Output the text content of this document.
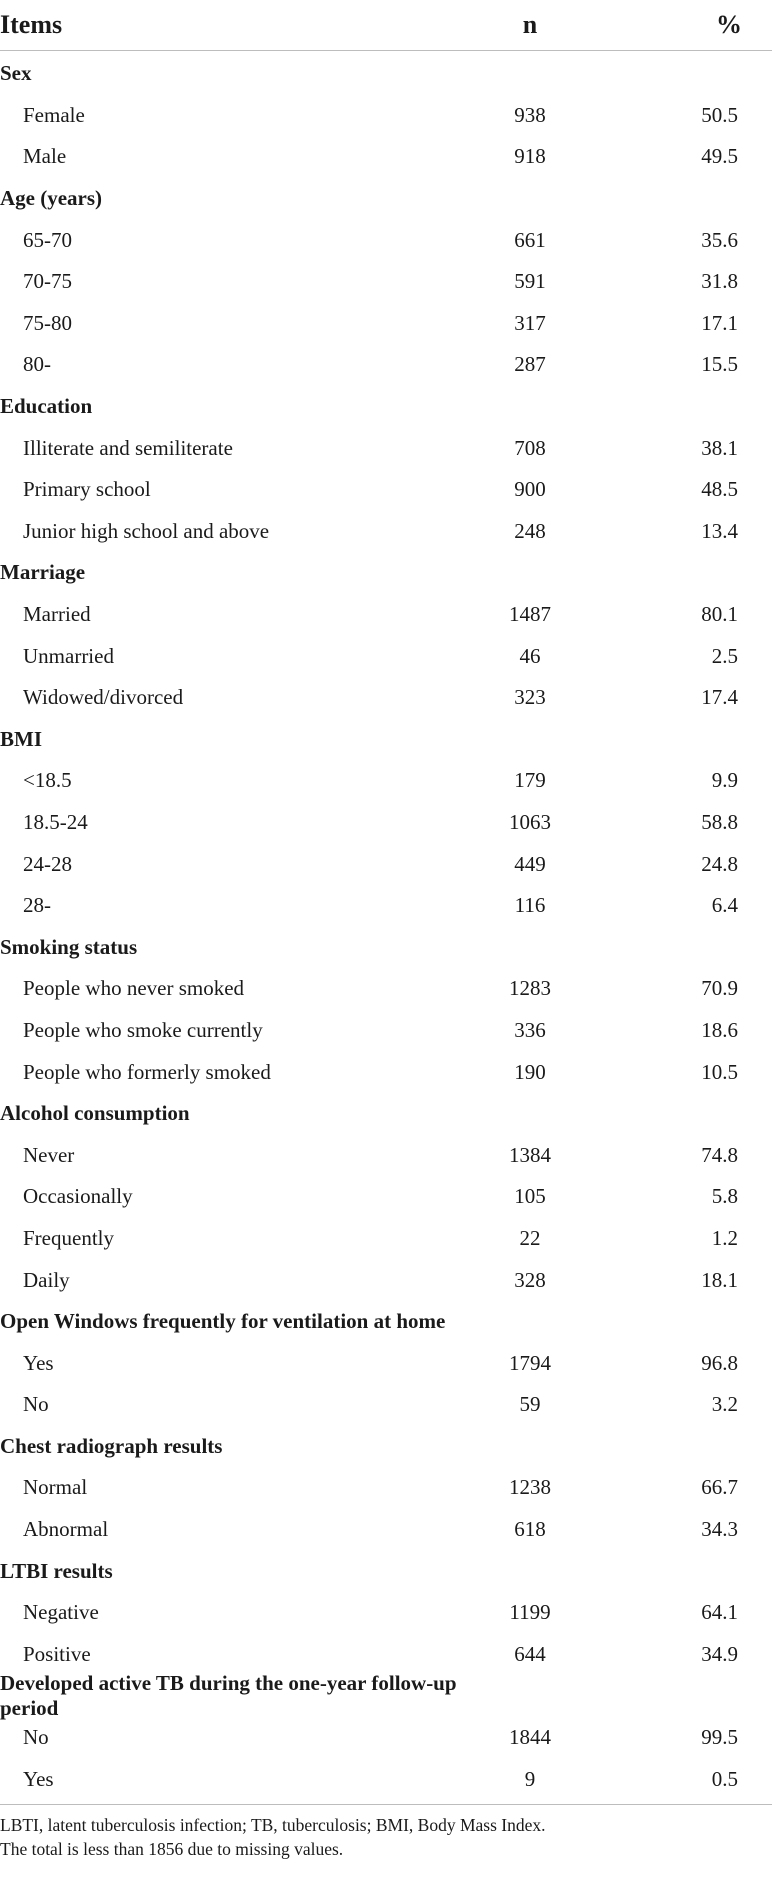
Items	n	%
Sex
Female	938	50.5
Male	918	49.5
Age (years)
65-70	661	35.6
70-75	591	31.8
75-80	317	17.1
80-	287	15.5
Education
Illiterate and semiliterate	708	38.1
Primary school	900	48.5
Junior high school and above	248	13.4
Marriage
Married	1487	80.1
Unmarried	46	2.5
Widowed/divorced	323	17.4
BMI
<18.5	179	9.9
18.5-24	1063	58.8
24-28	449	24.8
28-	116	6.4
Smoking status
People who never smoked	1283	70.9
People who smoke currently	336	18.6
People who formerly smoked	190	10.5
Alcohol consumption
Never	1384	74.8
Occasionally	105	5.8
Frequently	22	1.2
Daily	328	18.1
Open Windows frequently for ventilation at home
Yes	1794	96.8
No	59	3.2
Chest radiograph results
Normal	1238	66.7
Abnormal	618	34.3
LTBI results
Negative	1199	64.1
Positive	644	34.9
Developed active TB during the one-year follow-up period
No	1844	99.5
Yes	9	0.5
LBTI, latent tuberculosis infection; TB, tuberculosis; BMI, Body Mass Index.
The total is less than 1856 due to missing values.
